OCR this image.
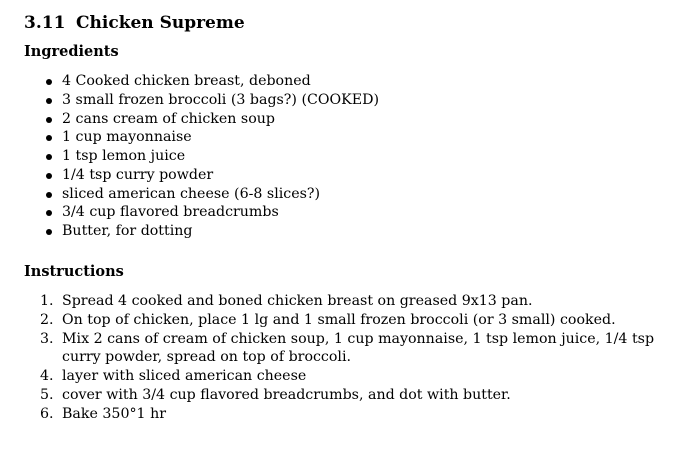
3.11 Chicken Supreme
Ingredients
4 Cooked chicken breast, deboned
3 small frozen broccoli (3 bags?) (COOKED)
2 cans cream of chicken soup
1 cup mayonnaise
1 tsp lemon juice
1/4 tsp curry powder
sliced american cheese (6-8 slices?)
3/4 cup flavored breadcrumbs
Butter, for dotting
Instructions
1. Spread 4 cooked and boned chicken breast on greased 9x13 pan.
2. On top of chicken, place 1 lg and 1 small frozen broccoli (or 3 small) cooked.
3. Mix 2 cans of cream of chicken soup, 1 cup mayonnaise, 1 tsp lemon juice, 1/4 tsp curry powder, spread on top of broccoli.
4. layer with sliced american cheese
5. cover with 3/4 cup flavored breadcrumbs, and dot with butter.
6. Bake 350°1 hr
